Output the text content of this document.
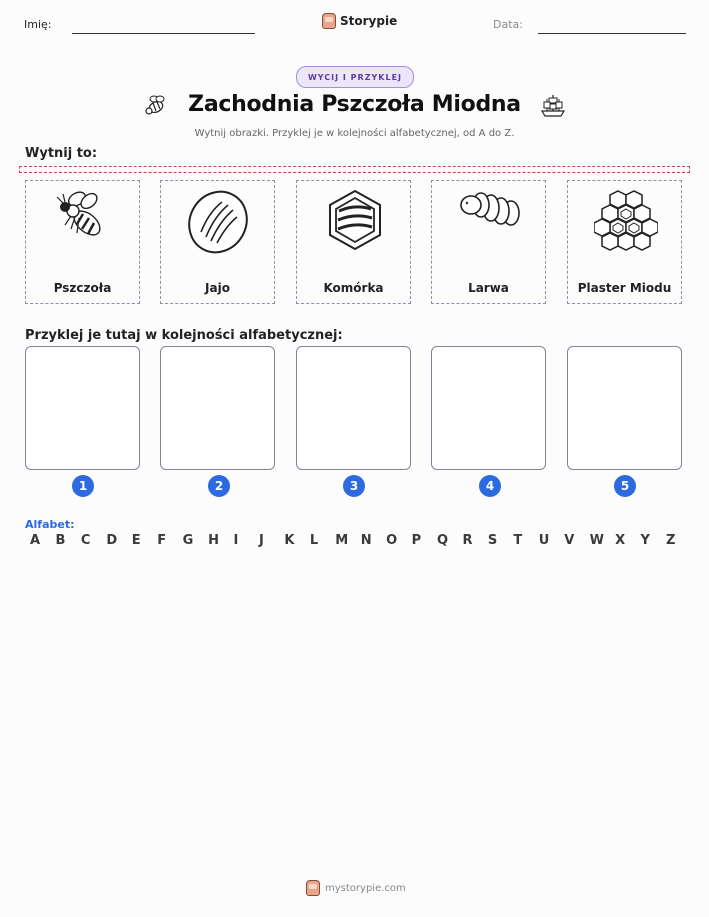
Imię:	Storypie	Data:
WYCIJ I PRZYKLEJ
Zachodnia Pszczoła Miodna
Wytnij obrazki. Przyklej je w kolejności alfabetycznej, od A do Z.
Wytnij to:
Pszczoła	Jajo	Komórka	Larwa	Plaster Miodu
Przyklej je tutaj w kolejności alfabetycznej:
1	2	3	4	5
Alfabet:
A	B	C	D	E	F	G	H	I	J	K	L	M N	O	P	Q	R	S	T	U	V	W X	Y	Z
mystorypie.com
